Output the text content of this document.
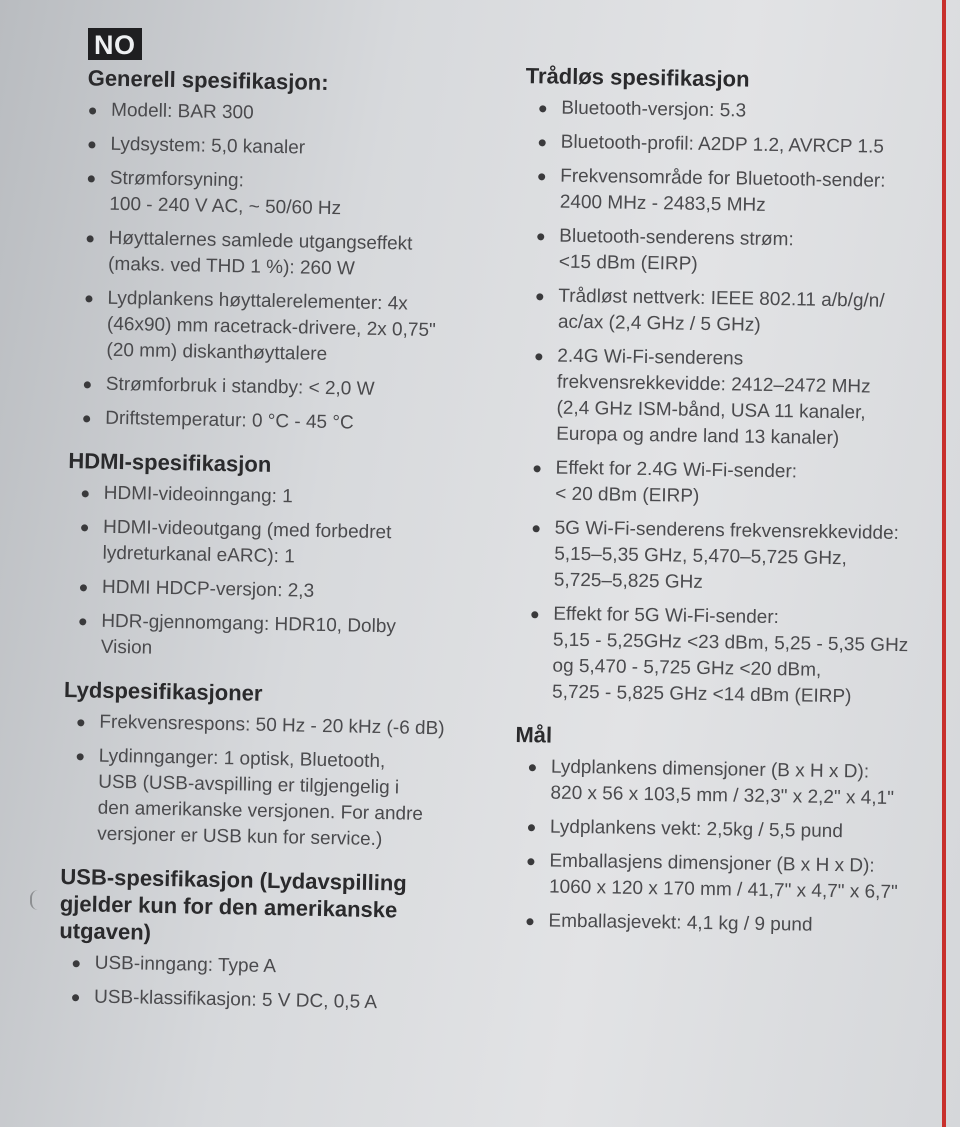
NO
Generell spesifikasjon:
Modell: BAR 300
Lydsystem: 5,0 kanaler
Strømforsyning:
100 - 240 V AC, ~ 50/60 Hz
Høyttalernes samlede utgangseffekt
(maks. ved THD 1 %): 260 W
Lydplankens høyttalerelementer: 4x
(46x90) mm racetrack-drivere, 2x 0,75"
(20 mm) diskanthøyttalere
Strømforbruk i standby: < 2,0 W
Driftstemperatur: 0 °C - 45 °C
HDMI-spesifikasjon
HDMI-videoinngang: 1
HDMI-videoutgang (med forbedret
lydreturkanal eARC): 1
HDMI HDCP-versjon: 2,3
HDR-gjennomgang: HDR10, Dolby
Vision
Lydspesifikasjoner
Frekvensrespons: 50 Hz - 20 kHz (-6 dB)
Lydinnganger: 1 optisk, Bluetooth,
USB (USB-avspilling er tilgjengelig i
den amerikanske versjonen. For andre
versjoner er USB kun for service.)
USB-spesifikasjon (Lydavspilling
gjelder kun for den amerikanske
utgaven)
USB-inngang: Type A
USB-klassifikasjon: 5 V DC, 0,5 A
Trådløs spesifikasjon
Bluetooth-versjon: 5.3
Bluetooth-profil: A2DP 1.2, AVRCP 1.5
Frekvensområde for Bluetooth-sender:
2400 MHz - 2483,5 MHz
Bluetooth-senderens strøm:
<15 dBm (EIRP)
Trådløst nettverk: IEEE 802.11 a/b/g/n/
ac/ax (2,4 GHz / 5 GHz)
2.4G Wi-Fi-senderens
frekvensrekkevidde: 2412–2472 MHz
(2,4 GHz ISM-bånd, USA 11 kanaler,
Europa og andre land 13 kanaler)
Effekt for 2.4G Wi-Fi-sender:
< 20 dBm (EIRP)
5G Wi-Fi-senderens frekvensrekkevidde:
5,15–5,35 GHz, 5,470–5,725 GHz,
5,725–5,825 GHz
Effekt for 5G Wi-Fi-sender:
5,15 - 5,25GHz <23 dBm, 5,25 - 5,35 GHz
og 5,470 - 5,725 GHz <20 dBm,
5,725 - 5,825 GHz <14 dBm (EIRP)
Mål
Lydplankens dimensjoner (B x H x D):
820 x 56 x 103,5 mm / 32,3" x 2,2" x 4,1"
Lydplankens vekt: 2,5kg / 5,5 pund
Emballasjens dimensjoner (B x H x D):
1060 x 120 x 170 mm / 41,7" x 4,7" x 6,7"
Emballasjevekt: 4,1 kg / 9 pund
